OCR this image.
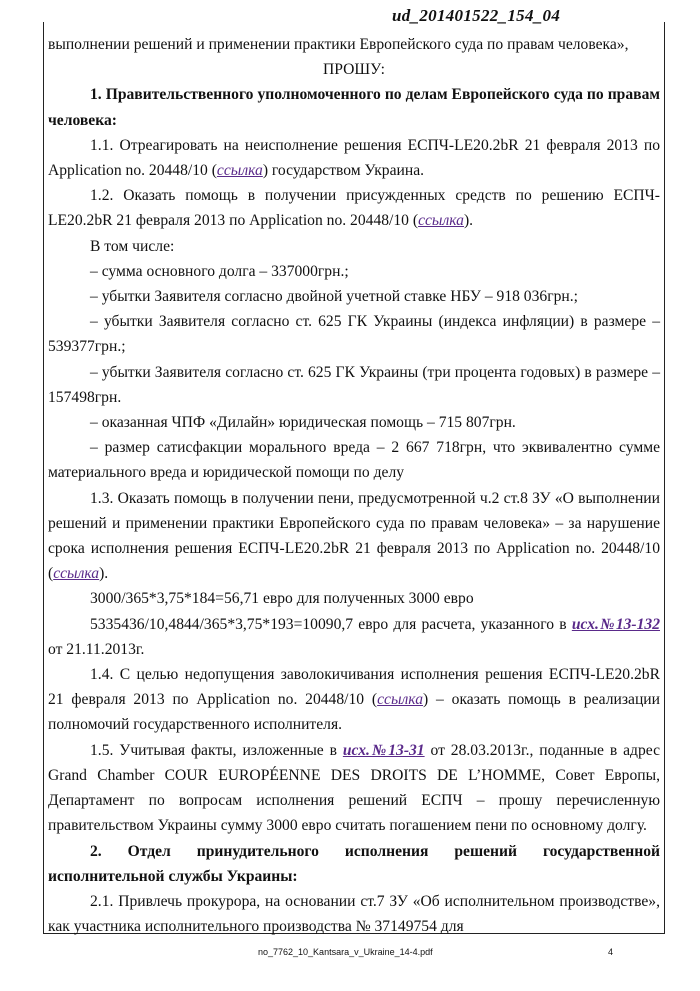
ud_201401522_154_04

выполнении решений и применении практики Европейского суда по правам человека»,

ПРОШУ:

1. Правительственного уполномоченного по делам Европейского суда по правам человека:

1.1. Отреагировать на неисполнение решения ЕСПЧ-LE20.2bR 21 февраля 2013 по Application no. 20448/10 (ссылка) государством Украина.

1.2. Оказать помощь в получении присужденных средств по решению ЕСПЧ-LE20.2bR 21 февраля 2013 по Application no. 20448/10 (ссылка).

В том числе:

– сумма основного долга – 337000грн.;

– убытки Заявителя согласно двойной учетной ставке НБУ – 918 036грн.;

– убытки Заявителя согласно ст. 625 ГК Украины (индекса инфляции) в размере – 539377грн.;

– убытки Заявителя согласно ст. 625 ГК Украины (три процента годовых) в размере – 157498грн.

– оказанная ЧПФ «Дилайн» юридическая помощь – 715 807грн.

– размер сатисфакции морального вреда – 2 667 718грн, что эквивалентно сумме материального вреда и юридической помощи по делу

1.3. Оказать помощь в получении пени, предусмотренной ч.2 ст.8 ЗУ «О выполнении решений и применении практики Европейского суда по правам человека» – за нарушение срока исполнения решения ЕСПЧ-LE20.2bR 21 февраля 2013 по Application no. 20448/10 (ссылка).

3000/365*3,75*184=56,71 евро для полученных 3000 евро

5335436/10,4844/365*3,75*193=10090,7 евро для расчета, указанного в исх.№13-132 от 21.11.2013г.

1.4. С целью недопущения заволокичивания исполнения решения ЕСПЧ-LE20.2bR 21 февраля 2013 по Application no. 20448/10 (ссылка) – оказать помощь в реализации полномочий государственного исполнителя.

1.5. Учитывая факты, изложенные в исх.№13-31 от 28.03.2013г., поданные в адрес Grand Chamber COUR EUROPÉENNE DES DROITS DE L’HOMME, Совет Европы, Департамент по вопросам исполнения решений ЕСПЧ – прошу перечисленную правительством Украины сумму 3000 евро считать погашением пени по основному долгу.

2. Отдел принудительного исполнения решений государственной исполнительной службы Украины:

2.1. Привлечь прокурора, на основании ст.7 ЗУ «Об исполнительном производстве», как участника исполнительного производства № 37149754 для

no_7762_10_Kantsara_v_Ukraine_14-4.pdf	4
